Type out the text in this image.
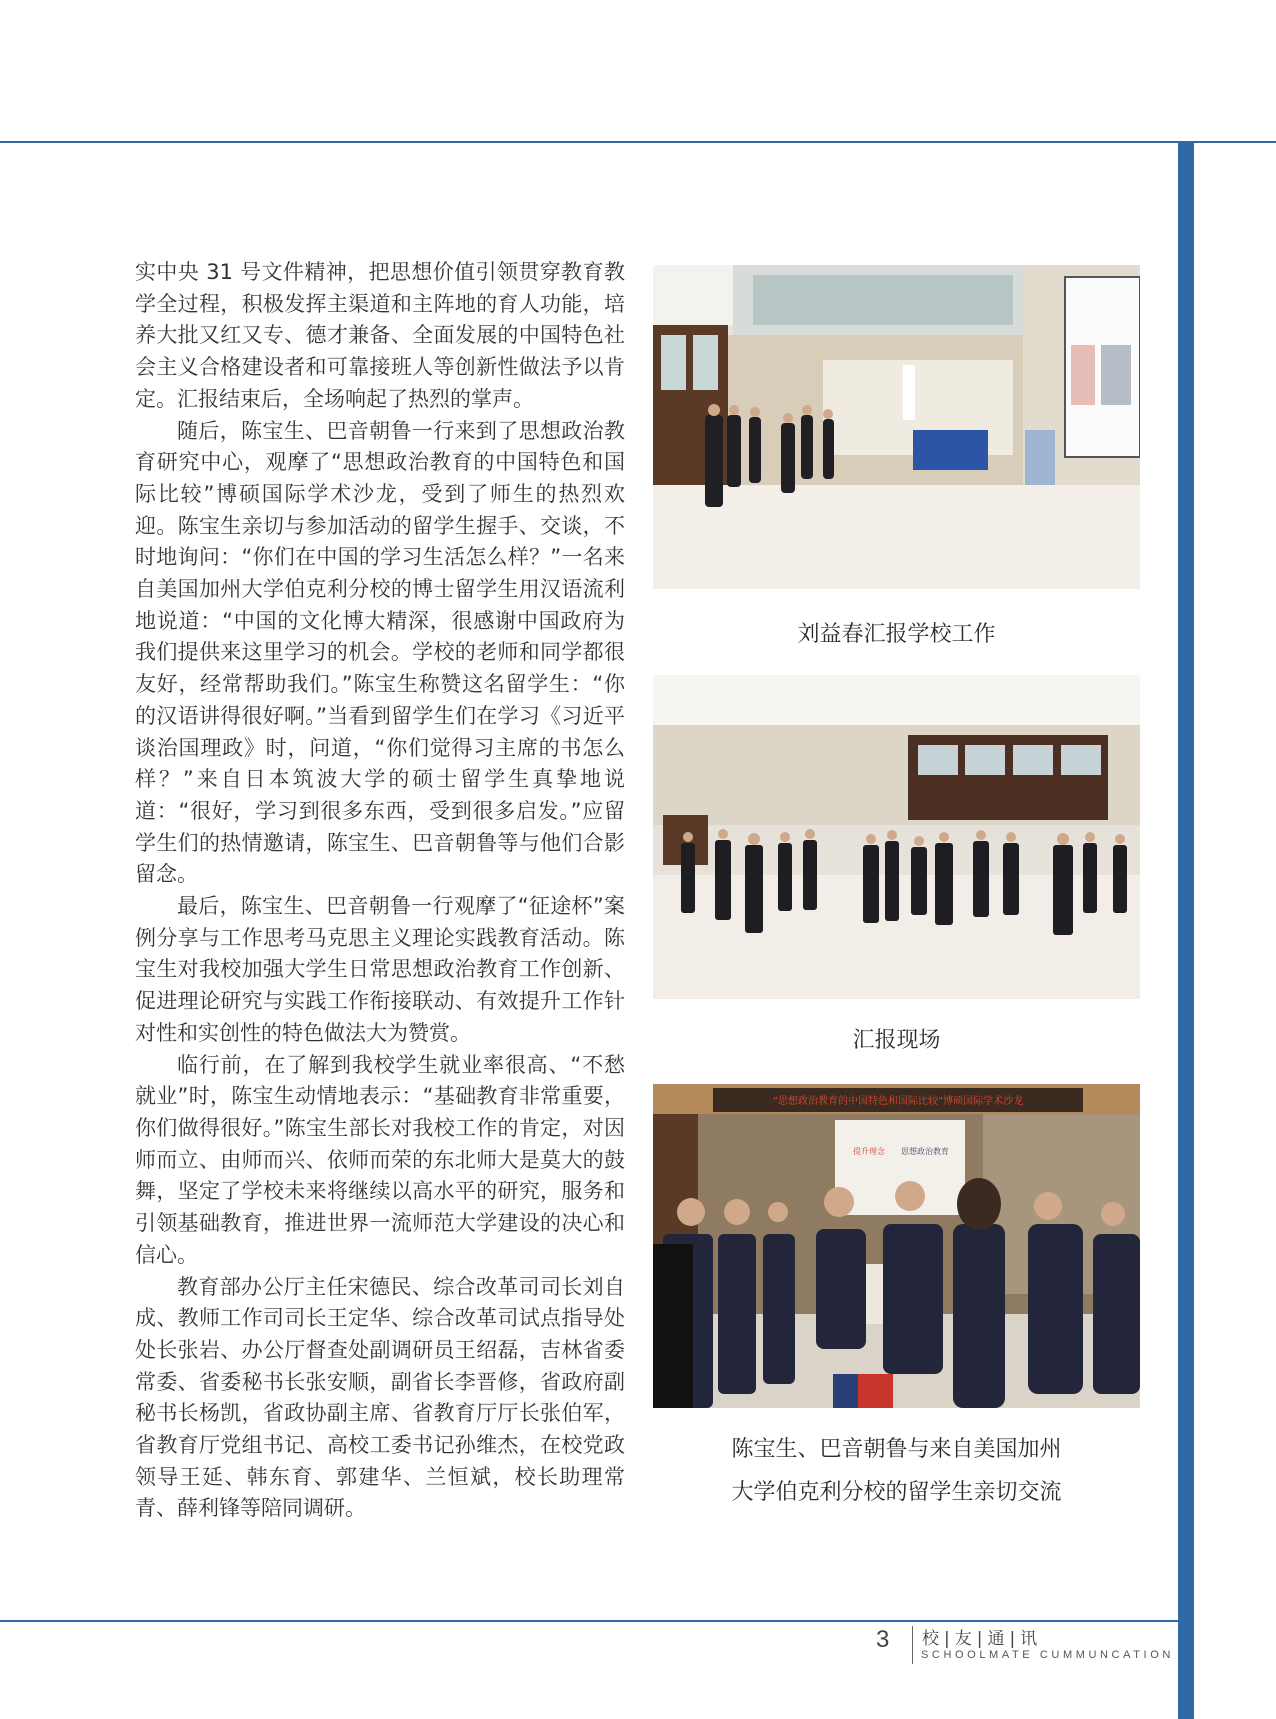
实中央 31 号文件精神，把思想价值引领贯穿教育教学全过程，积极发挥主渠道和主阵地的育人功能，培养大批又红又专、德才兼备、全面发展的中国特色社会主义合格建设者和可靠接班人等创新性做法予以肯定。汇报结束后，全场响起了热烈的掌声。

随后，陈宝生、巴音朝鲁一行来到了思想政治教育研究中心，观摩了“思想政治教育的中国特色和国际比较”博硕国际学术沙龙，受到了师生的热烈欢迎。陈宝生亲切与参加活动的留学生握手、交谈，不时地询问：“你们在中国的学习生活怎么样？”一名来自美国加州大学伯克利分校的博士留学生用汉语流利地说道：“中国的文化博大精深，很感谢中国政府为我们提供来这里学习的机会。学校的老师和同学都很友好，经常帮助我们。”陈宝生称赞这名留学生：“你的汉语讲得很好啊。”当看到留学生们在学习《习近平谈治国理政》时，问道，“你们觉得习主席的书怎么样？”来自日本筑波大学的硕士留学生真挚地说道：“很好，学习到很多东西，受到很多启发。”应留学生们的热情邀请，陈宝生、巴音朝鲁等与他们合影留念。

最后，陈宝生、巴音朝鲁一行观摩了“征途杯”案例分享与工作思考马克思主义理论实践教育活动。陈宝生对我校加强大学生日常思想政治教育工作创新、促进理论研究与实践工作衔接联动、有效提升工作针对性和实创性的特色做法大为赞赏。

临行前，在了解到我校学生就业率很高、“不愁就业”时，陈宝生动情地表示：“基础教育非常重要，你们做得很好。”陈宝生部长对我校工作的肯定，对因师而立、由师而兴、依师而荣的东北师大是莫大的鼓舞，坚定了学校未来将继续以高水平的研究，服务和引领基础教育，推进世界一流师范大学建设的决心和信心。

教育部办公厅主任宋德民、综合改革司司长刘自成、教师工作司司长王定华、综合改革司试点指导处处长张岩、办公厅督查处副调研员王绍磊，吉林省委常委、省委秘书长张安顺，副省长李晋修，省政府副秘书长杨凯，省政协副主席、省教育厅厅长张伯军，省教育厅党组书记、高校工委书记孙维杰，在校党政领导王延、韩东育、郭建华、兰恒斌，校长助理常青、薛利锋等陪同调研。

刘益春汇报学校工作
汇报现场
“思想政治教育的中国特色和国际比较”博硕国际学术沙龙
提升理念 思想政治教育
陈宝生、巴音朝鲁与来自美国加州
大学伯克利分校的留学生亲切交流
3 校|友|通|讯
SCHOOLMATE CUMMUNCATION
